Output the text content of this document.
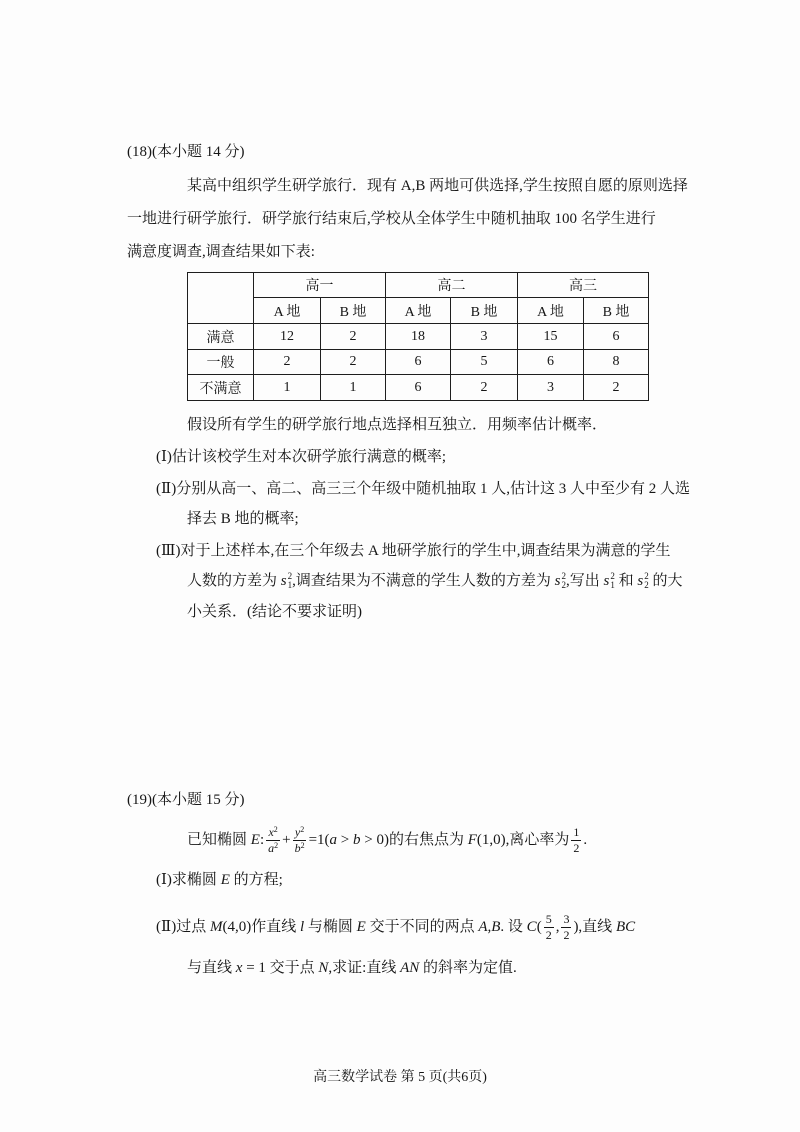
(18)(本小题 14 分)
某高中组织学生研学旅行．现有 A,B 两地可供选择,学生按照自愿的原则选择
一地进行研学旅行．研学旅行结束后,学校从全体学生中随机抽取 100 名学生进行
满意度调查,调查结果如下表:
	高一		高二		高三	
	A 地	B 地	A 地	B 地	A 地	B 地
满意	12	2	18	3	15	6
一般	2	2	6	5	6	8
不满意	1	1	6	2	3	2
假设所有学生的研学旅行地点选择相互独立．用频率估计概率．
(Ⅰ)估计该校学生对本次研学旅行满意的概率;
(Ⅱ)分别从高一、高二、高三三个年级中随机抽取 1 人,估计这 3 人中至少有 2 人选
择去 B 地的概率;
(Ⅲ)对于上述样本,在三个年级去 A 地研学旅行的学生中,调查结果为满意的学生
人数的方差为 s 2
1 ,调查结果为不满意的学生人数的方差为 s 2
2 ,写出 s 2
1 和 s 2
2 的大
小关系．(结论不要求证明)
(19)(本小题 15 分)
已知椭圆 E : $\frac{x^2}{a^2} + \frac{y^2}{b^2} =1$( a > b > 0)的右焦点为 F (1,0),离心率为 $\frac{1}{2}$ .
(Ⅰ) 求椭圆 E 的方程;
(Ⅱ) 过点 M (4,0)作直线 l 与椭圆 E 交于不同的两点 A,B . 设 C ( $\frac{5}{2}$ , $\frac{3}{2}$ ),直线 BC
与直线 x = 1 交于点 N ,求证:直线 AN 的斜率为定值.
高三数学试卷 第 5 页(共6页)
